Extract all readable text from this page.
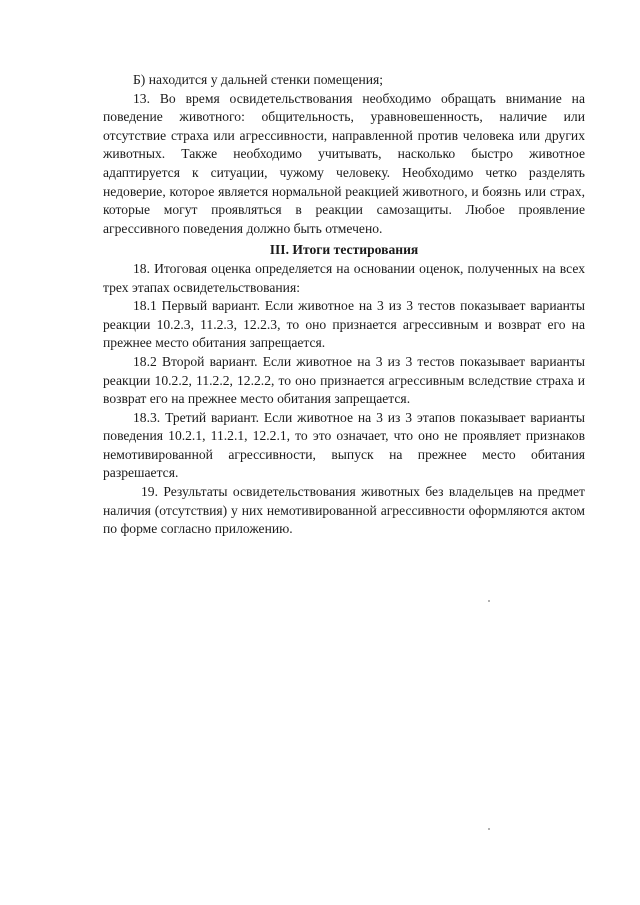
Б) находится у дальней стенки помещения;

13. Во время освидетельствования необходимо обращать внимание на поведение животного: общительность, уравновешенность, наличие или отсутствие страха или агрессивности, направленной против человека или других животных. Также необходимо учитывать, насколько быстро животное адаптируется к ситуации, чужому человеку. Необходимо четко разделять недоверие, которое является нормальной реакцией животного, и боязнь или страх, которые могут проявляться в реакции самозащиты. Любое проявление агрессивного поведения должно быть отмечено.

III. Итоги тестирования

18. Итоговая оценка определяется на основании оценок, полученных на всех трех этапах освидетельствования:

18.1 Первый вариант. Если животное на 3 из 3 тестов показывает варианты реакции 10.2.3, 11.2.3, 12.2.3, то оно признается агрессивным и возврат его на прежнее место обитания запрещается.

18.2 Второй вариант. Если животное на 3 из 3 тестов показывает варианты реакции 10.2.2, 11.2.2, 12.2.2, то оно признается агрессивным вследствие страха и возврат его на прежнее место обитания запрещается.

18.3. Третий вариант. Если животное на 3 из 3 этапов показывает варианты поведения 10.2.1, 11.2.1, 12.2.1, то это означает, что оно не проявляет признаков немотивированной агрессивности, выпуск на прежнее место обитания разрешается.

19. Результаты освидетельствования животных без владельцев на предмет наличия (отсутствия) у них немотивированной агрессивности оформляются актом по форме согласно приложению.
